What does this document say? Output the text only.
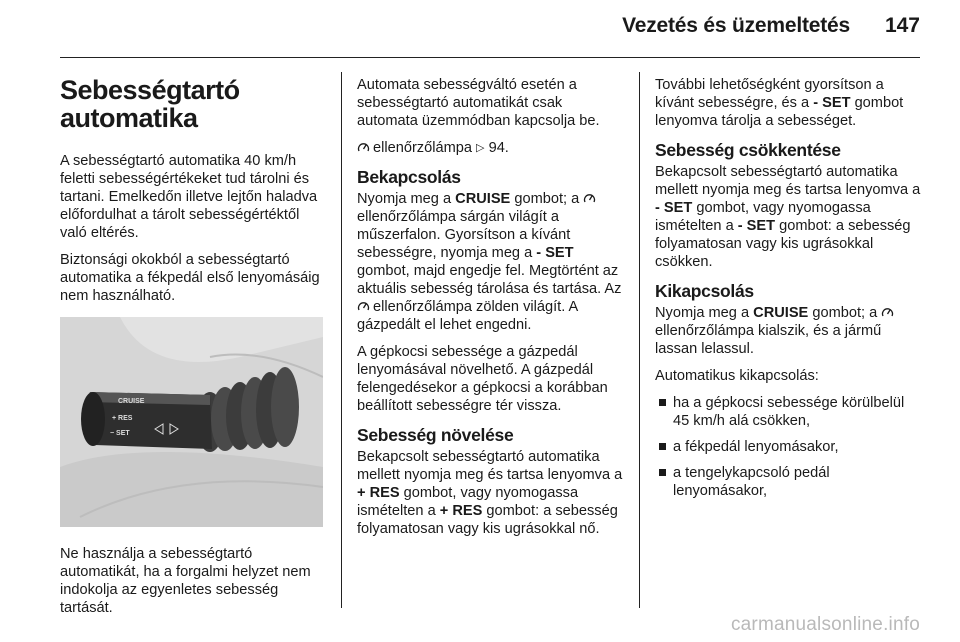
Vezetés és üzemeltetés 147
Sebességtartó
automatika

A sebességtartó automatika 40 km/h feletti sebességértékeket tud tárolni és tartani. Emelkedőn illetve lejtőn haladva előfordulhat a tárolt sebességértéktől való eltérés.

Biztonsági okokból a sebességtartó automatika a fékpedál első lenyomásáig nem használható.

CRUISE
+ RES
− SET

Ne használja a sebességtartó automatikát, ha a forgalmi helyzet nem indokolja az egyenletes sebesség tartását.

Automata sebességváltó esetén a sebességtartó automatikát csak automata üzemmódban kapcsolja be.

ellenőrzőlámpa ▷ 94.

Bekapcsolás

Nyomja meg a CRUISE gombot; a ellenőrzőlámpa sárgán világít a műszerfalon. Gyorsítson a kívánt sebességre, nyomja meg a - SET gombot, majd engedje fel. Megtörtént az aktuális sebesség tárolása és tartása. Az ellenőrzőlámpa zölden világít. A gázpedált el lehet engedni.

A gépkocsi sebessége a gázpedál lenyomásával növelhető. A gázpedál felengedésekor a gépkocsi a korábban beállított sebességre tér vissza.

Sebesség növelése

Bekapcsolt sebességtartó automatika mellett nyomja meg és tartsa lenyomva a + RES gombot, vagy nyomogassa ismételten a + RES gombot: a sebesség folyamatosan vagy kis ugrásokkal nő.

További lehetőségként gyorsítson a kívánt sebességre, és a - SET gombot lenyomva tárolja a sebességet.

Sebesség csökkentése

Bekapcsolt sebességtartó automatika mellett nyomja meg és tartsa lenyomva a - SET gombot, vagy nyomogassa ismételten a - SET gombot: a sebesség folyamatosan vagy kis ugrásokkal csökken.

Kikapcsolás

Nyomja meg a CRUISE gombot; a ellenőrzőlámpa kialszik, és a jármű lassan lelassul.

Automatikus kikapcsolás:

ha a gépkocsi sebessége körülbelül 45 km/h alá csökken,
a fékpedál lenyomásakor,
a tengelykapcsoló pedál lenyomásakor,
carmanualsonline.info
